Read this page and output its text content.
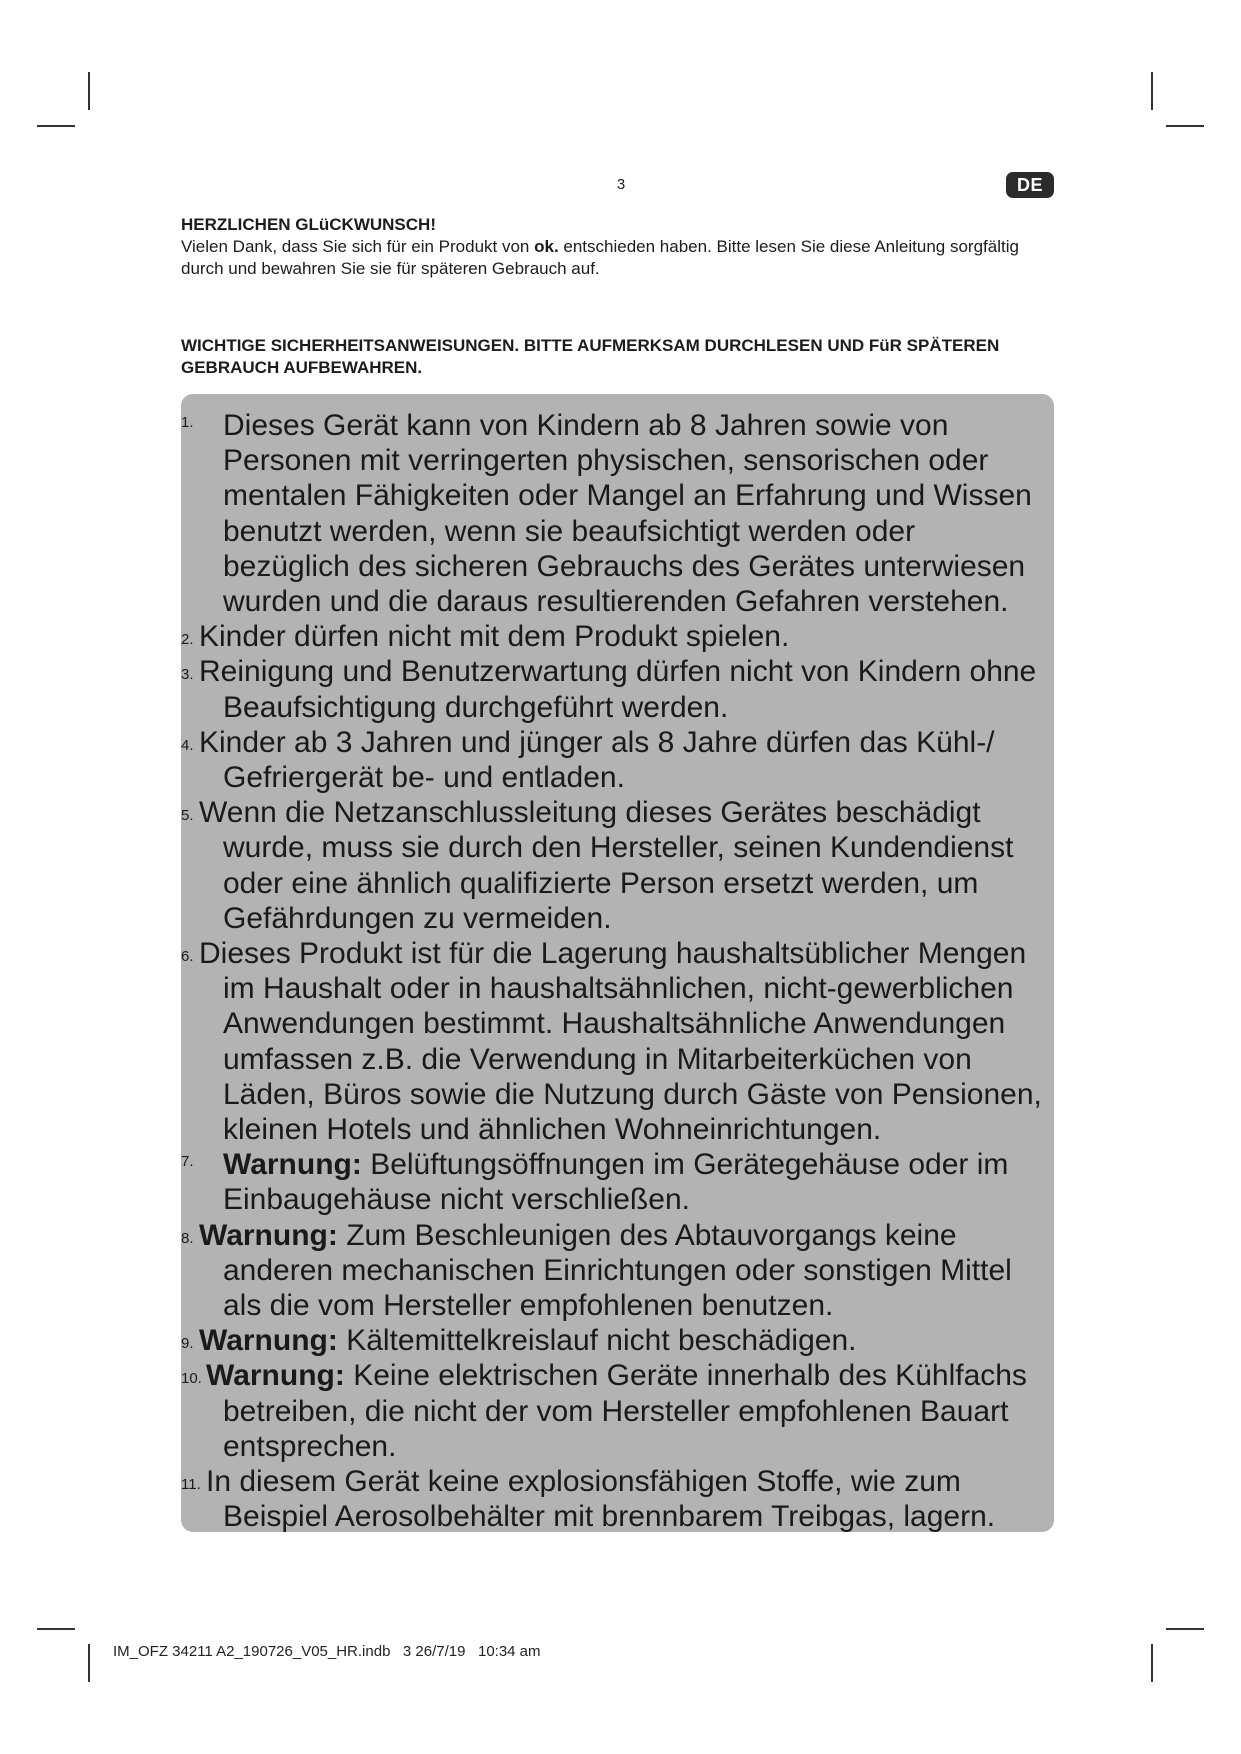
3	DE
HERZLICHEN GLüCKWUNSCH!
Vielen Dank, dass Sie sich für ein Produkt von ok. entschieden haben. Bitte lesen Sie diese Anleitung sorgfältig durch und bewahren Sie sie für späteren Gebrauch auf.
WICHTIGE SICHERHEITSANWEISUNGEN. BITTE AUFMERKSAM DURCHLESEN UND FüR SPÄTEREN GEBRAUCH AUFBEWAHREN.
1. Dieses Gerät kann von Kindern ab 8 Jahren sowie von Personen mit verringerten physischen, sensorischen oder mentalen Fähigkeiten oder Mangel an Erfahrung und Wissen benutzt werden, wenn sie beaufsichtigt werden oder bezüglich des sicheren Gebrauchs des Gerätes unterwiesen wurden und die daraus resultierenden Gefahren verstehen.
2. Kinder dürfen nicht mit dem Produkt spielen.
3. Reinigung und Benutzerwartung dürfen nicht von Kindern ohne Beaufsichtigung durchgeführt werden.
4. Kinder ab 3 Jahren und jünger als 8 Jahre dürfen das Kühl-/ Gefriergerät be- und entladen.
5. Wenn die Netzanschlussleitung dieses Gerätes beschädigt wurde, muss sie durch den Hersteller, seinen Kundendienst oder eine ähnlich qualifizierte Person ersetzt werden, um Gefährdungen zu vermeiden.
6. Dieses Produkt ist für die Lagerung haushaltsüblicher Mengen im Haushalt oder in haushaltsähnlichen, nicht-gewerblichen Anwendungen bestimmt. Haushaltsähnliche Anwendungen umfassen z.B. die Verwendung in Mitarbeiterküchen von Läden, Büros sowie die Nutzung durch Gäste von Pensionen, kleinen Hotels und ähnlichen Wohneinrichtungen.
7. Warnung: Belüftungsöffnungen im Gerätegehäuse oder im Einbaugehäuse nicht verschließen.
8. Warnung: Zum Beschleunigen des Abtauvorgangs keine anderen mechanischen Einrichtungen oder sonstigen Mittel als die vom Hersteller empfohlenen benutzen.
9. Warnung: Kältemittelkreislauf nicht beschädigen.
10. Warnung: Keine elektrischen Geräte innerhalb des Kühlfachs betreiben, die nicht der vom Hersteller empfohlenen Bauart entsprechen.
11. In diesem Gerät keine explosionsfähigen Stoffe, wie zum Beispiel Aerosolbehälter mit brennbarem Treibgas, lagern.
IM_OFZ 34211 A2_190726_V05_HR.indb   3 26/7/19   10:34 am
